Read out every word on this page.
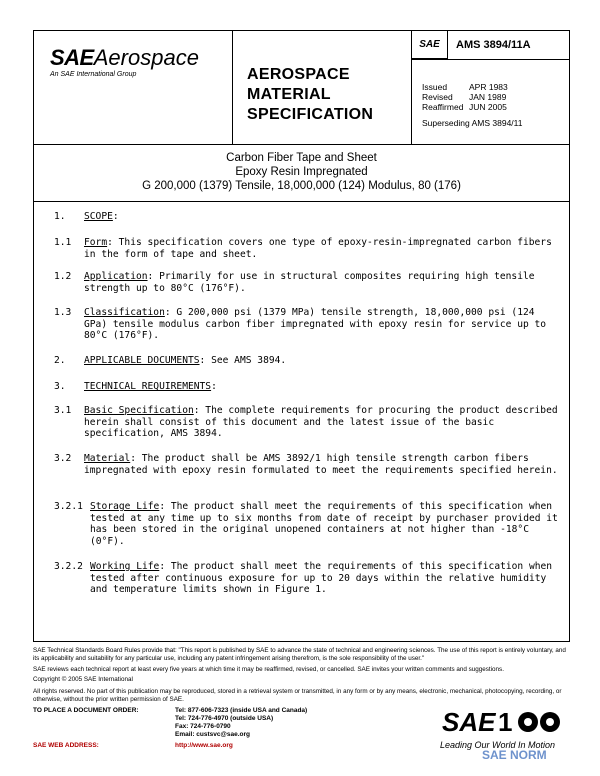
SAEAerospace
An SAE International Group	AEROSPACE
MATERIAL
SPECIFICATION
SAE	AMS 3894/11A
Issued	APR 1983
Revised	JAN 1989
Reaffirmed JUN 2005
Superseding AMS 3894/11
Carbon Fiber Tape and Sheet
Epoxy Resin Impregnated
G 200,000 (1379) Tensile, 18,000,000 (124) Modulus, 80 (176)
1. SCOPE:
1.1 Form: This specification covers one type of epoxy-resin-impregnated carbon fibers in the form of tape and sheet.
1.2 Application: Primarily for use in structural composites requiring high tensile strength up to 80°C (176°F).
1.3 Classification: G 200,000 psi (1379 MPa) tensile strength, 18,000,000 psi (124 GPa) tensile modulus carbon fiber impregnated with epoxy resin for service up to 80°C (176°F).
2. APPLICABLE DOCUMENTS: See AMS 3894.
3. TECHNICAL REQUIREMENTS:
3.1 Basic Specification: The complete requirements for procuring the product described herein shall consist of this document and the latest issue of the basic specification, AMS 3894.
3.2 Material: The product shall be AMS 3892/1 high tensile strength carbon fibers impregnated with epoxy resin formulated to meet the requirements specified herein.
3.2.1 Storage Life: The product shall meet the requirements of this specification when tested at any time up to six months from date of receipt by purchaser provided it has been stored in the original unopened containers at not higher than -18°C (0°F).
3.2.2 Working Life: The product shall meet the requirements of this specification when tested after continuous exposure for up to 20 days within the relative humidity and temperature limits shown in Figure 1.

SAE Technical Standards Board Rules provide that: "This report is published by SAE to advance the state of technical and engineering sciences. The use of this report is entirely voluntary, and its applicability and suitability for any particular use, including any patent infringement arising therefrom, is the sole responsibility of the user."

SAE reviews each technical report at least every five years at which time it may be reaffirmed, revised, or cancelled. SAE invites your written comments and suggestions.

Copyright © 2005 SAE International
All rights reserved. No part of this publication may be reproduced, stored in a retrieval system or transmitted, in any form or by any means, electronic, mechanical, photocopying, recording, or otherwise, without the prior written permission of SAE.
TO PLACE A DOCUMENT ORDER:	Tel: 877-606-7323 (inside USA and Canada)
Tel: 724-776-4970 (outside USA)
Fax: 724-776-0790
Email: custsvc@sae.org
SAE WEB ADDRESS:	http://www.sae.org
SAE 1
Leading Our World In Motion
SAE NORM
